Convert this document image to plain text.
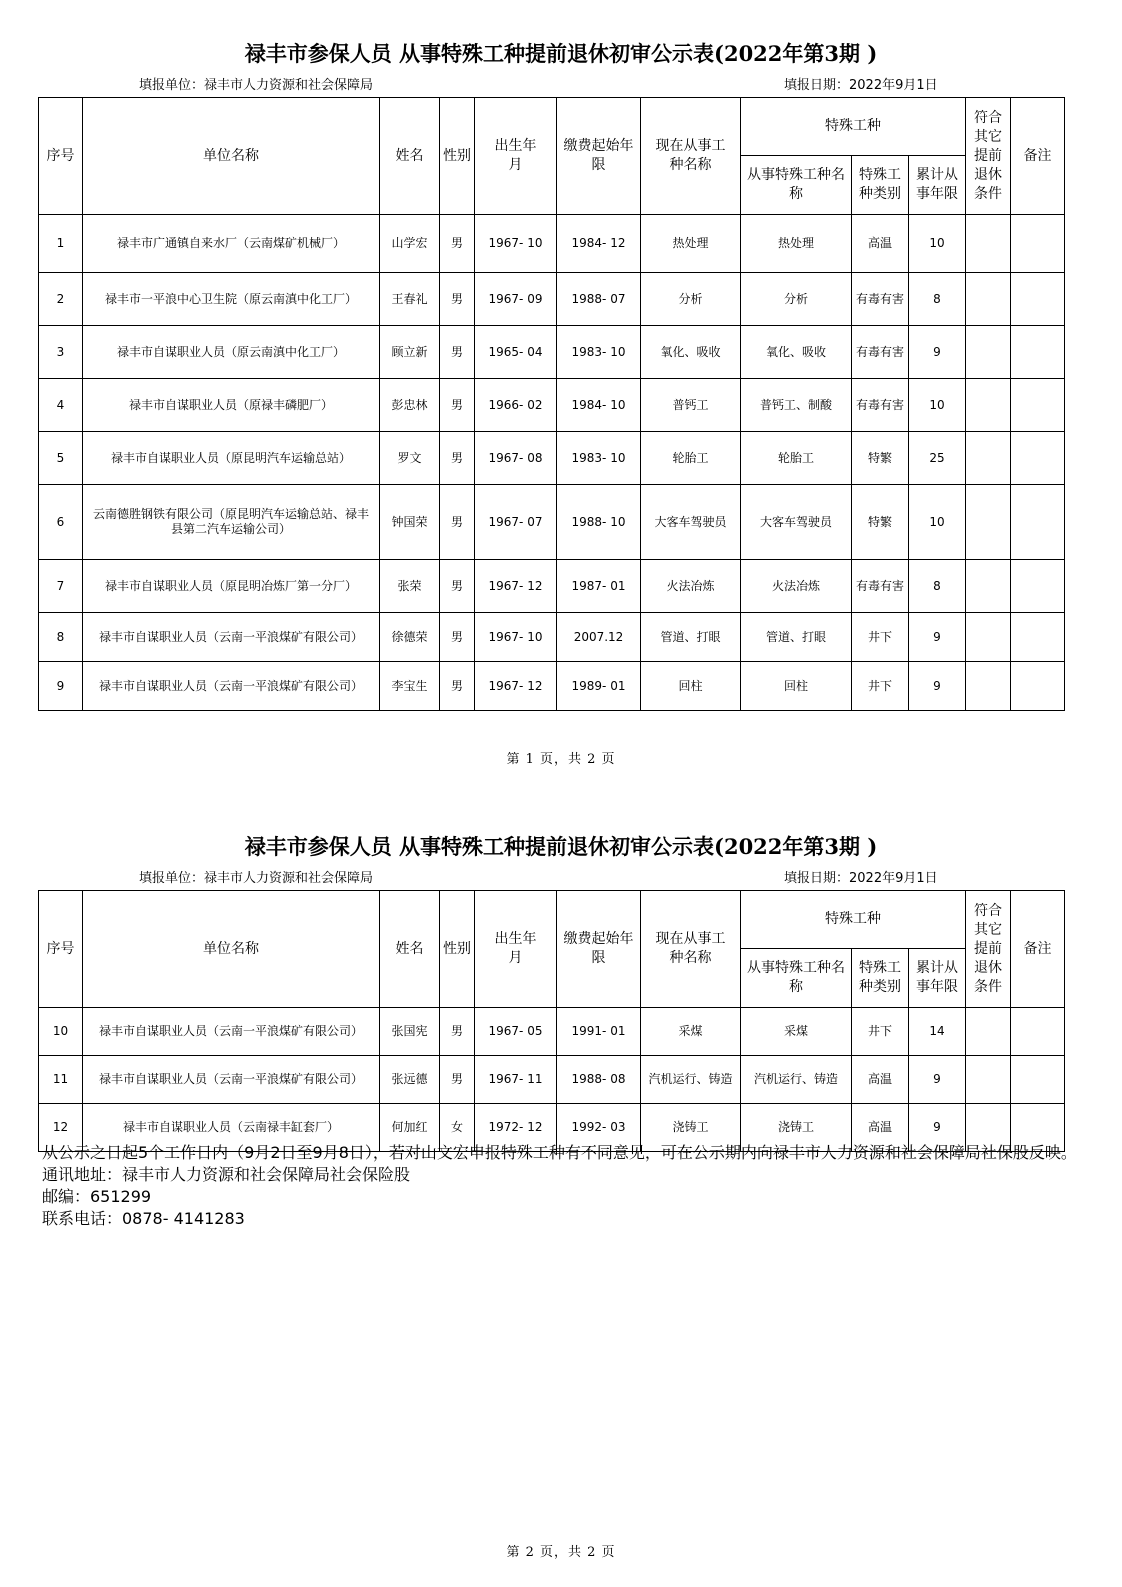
禄丰市参保人员 从事特殊工种提前退休初审公示表(2022年第3期 )
填报单位：禄丰市人力资源和社会保障局	填报日期：2022年9月1日
序号	单位名称	姓名	性别	出生年月	缴费起始年限	现在从事工种名称	特殊工种			符合其它提前退休条件	备注
							从事特殊工种名称	特殊工种类别	累计从事年限		
1	禄丰市广通镇自来水厂（云南煤矿机械厂）	山学宏	男	1967- 10	1984- 12	热处理	热处理	高温	10		
2	禄丰市一平浪中心卫生院（原云南滇中化工厂）	王春礼	男	1967- 09	1988- 07	分析	分析	有毒有害	8		
3	禄丰市自谋职业人员（原云南滇中化工厂）	顾立新	男	1965- 04	1983- 10	氧化、吸收	氧化、吸收	有毒有害	9		
4	禄丰市自谋职业人员（原禄丰磷肥厂）	彭忠林	男	1966- 02	1984- 10	普钙工	普钙工、制酸	有毒有害	10		
5	禄丰市自谋职业人员（原昆明汽车运输总站）	罗文	男	1967- 08	1983- 10	轮胎工	轮胎工	特繁	25		
6	云南德胜钢铁有限公司（原昆明汽车运输总站、禄丰县第二汽车运输公司）	钟国荣	男	1967- 07	1988- 10	大客车驾驶员	大客车驾驶员	特繁	10		
7	禄丰市自谋职业人员（原昆明冶炼厂第一分厂）	张荣	男	1967- 12	1987- 01	火法冶炼	火法冶炼	有毒有害	8		
8	禄丰市自谋职业人员（云南一平浪煤矿有限公司）	徐德荣	男	1967- 10	2007.12	管道、打眼	管道、打眼	井下	9		
9	禄丰市自谋职业人员（云南一平浪煤矿有限公司）	李宝生	男	1967- 12	1989- 01	回柱	回柱	井下	9		
第 1 页，共 2 页
禄丰市参保人员 从事特殊工种提前退休初审公示表(2022年第3期 )
填报单位：禄丰市人力资源和社会保障局	填报日期：2022年9月1日
序号	单位名称	姓名	性别	出生年月	缴费起始年限	现在从事工种名称	特殊工种			符合其它提前退休条件	备注
							从事特殊工种名称	特殊工种类别	累计从事年限		
10	禄丰市自谋职业人员（云南一平浪煤矿有限公司）	张国宪	男	1967- 05	1991- 01	采煤	采煤	井下	14		
11	禄丰市自谋职业人员（云南一平浪煤矿有限公司）	张远德	男	1967- 11	1988- 08	汽机运行、铸造	汽机运行、铸造	高温	9		
12	禄丰市自谋职业人员（云南禄丰缸套厂）	何加红	女	1972- 12	1992- 03	浇铸工	浇铸工	高温	9		
从公示之日起5个工作日内（9月2日至9月8日），若对山文宏申报特殊工种有不同意见，可在公示期内向禄丰市人力资源和社会保障局社保股反映。
通讯地址：禄丰市人力资源和社会保障局社会保险股
邮编：651299
联系电话：0878- 4141283
第 2 页，共 2 页
